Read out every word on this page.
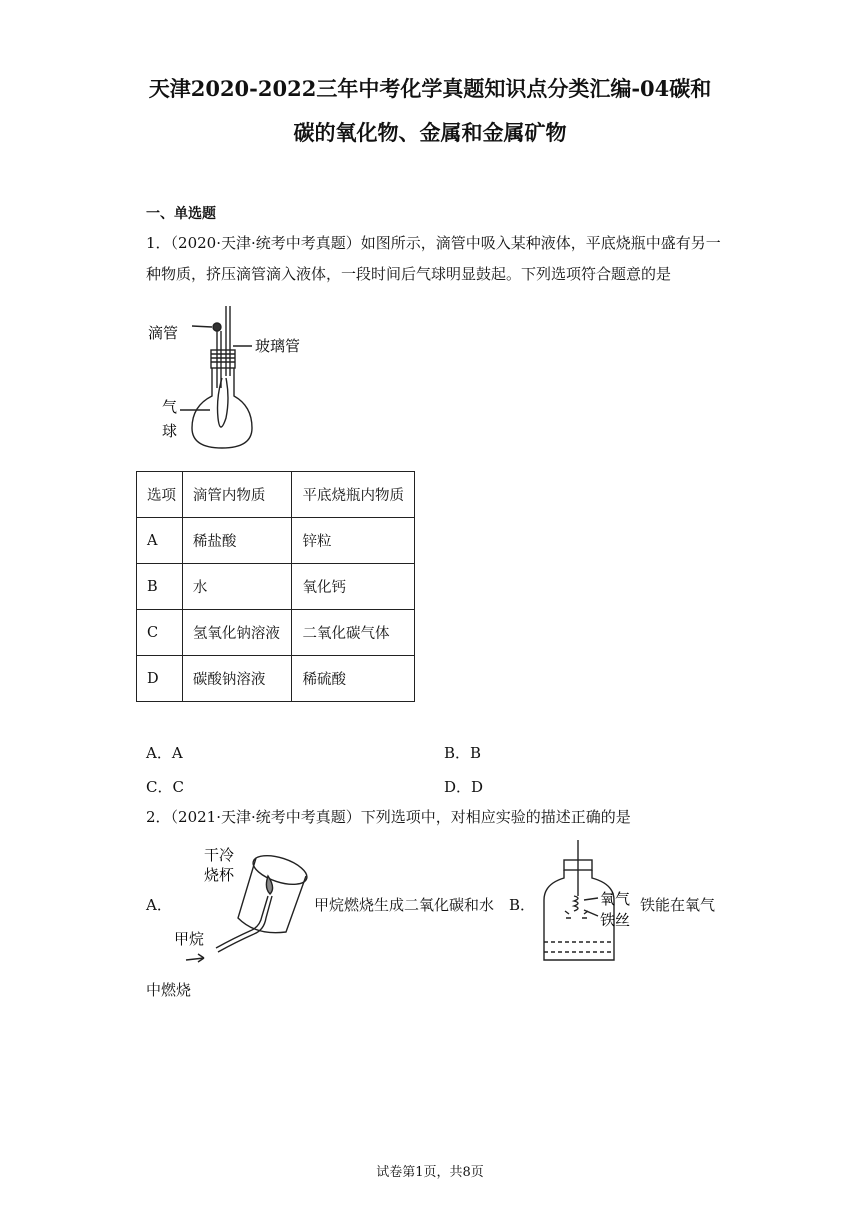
天津2020-2022三年中考化学真题知识点分类汇编-04碳和
碳的氧化物、金属和金属矿物
一、单选题
1．（2020·天津·统考中考真题）如图所示，滴管中吸入某种液体，平底烧瓶中盛有另一
种物质，挤压滴管滴入液体，一段时间后气球明显鼓起。下列选项符合题意的是
滴管
玻璃管
气
球
选项	滴管内物质	平底烧瓶内物质
A	稀盐酸	锌粒
B	水	氧化钙
C	氢氧化钠溶液	二氧化碳气体
D	碳酸钠溶液	稀硫酸
A．A	B．B
C．C	D．D
2．（2021·天津·统考中考真题）下列选项中，对相应实验的描述正确的是
A．
干冷
烧杯
甲烷
甲烷燃烧生成二氧化碳和水 B．	氧气
铁丝
铁能在氧气
中燃烧
试卷第1页，共8页
